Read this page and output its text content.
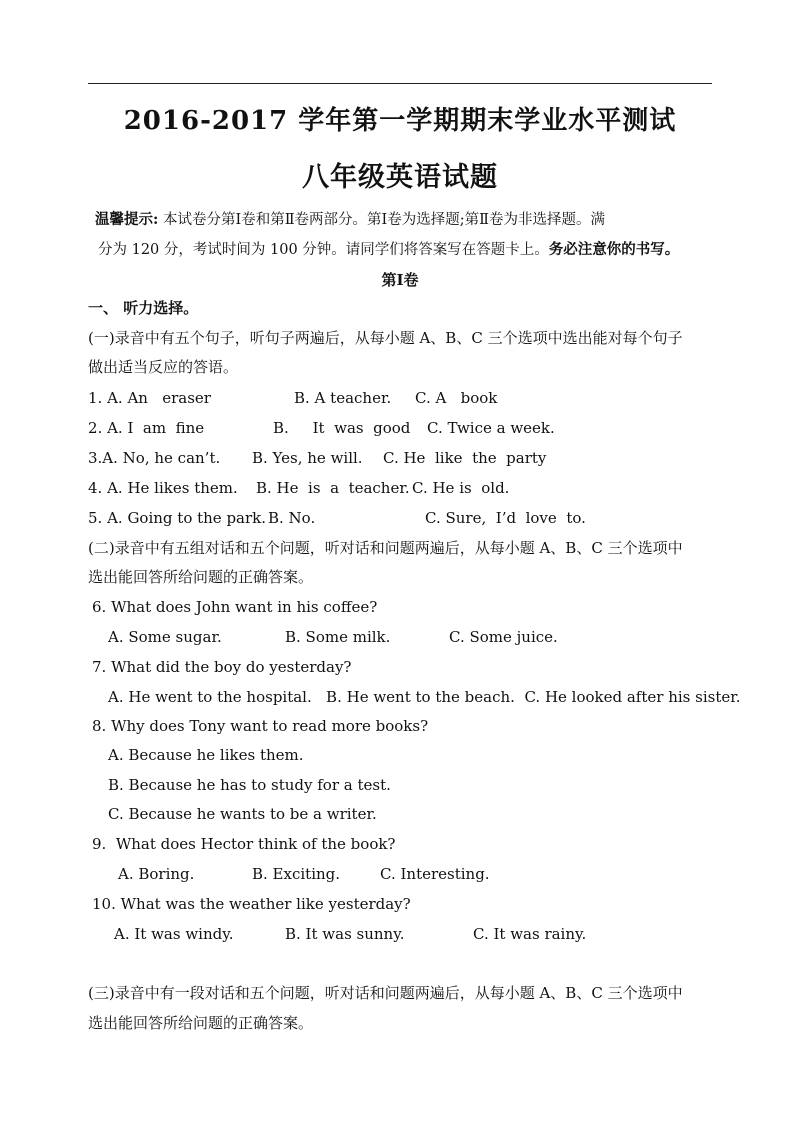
2016-2017 学年第一学期期末学业水平测试
八年级英语试题
温馨提示: 本试卷分第Ⅰ卷和第Ⅱ卷两部分。第Ⅰ卷为选择题;第Ⅱ卷为非选择题。满
分为 120 分，考试时间为 100 分钟。请同学们将答案写在答题卡上。务必注意你的书写。
第Ⅰ卷
一、 听力选择。
(一)录音中有五个句子，听句子两遍后，从每小题 A、B、C 三个选项中选出能对每个句子
做出适当反应的答语。
1. A. An   eraser	B. A teacher. C. A   book
2. A. I  am  fine	B.     It  was  good C. Twice a week.
3.A. No, he can’t. B. Yes, he will. C. He  like  the  party
4. A. He likes them. B. He  is  a  teacher. C. He is  old.
5. A. Going to the park. B. No.	C. Sure,  I’d  love  to.
(二)录音中有五组对话和五个问题，听对话和问题两遍后，从每小题 A、B、C 三个选项中
选出能回答所给问题的正确答案。
6. What does John want in his coffee?
A. Some sugar.	B. Some milk.	C. Some juice.
7. What did the boy do yesterday?
A. He went to the hospital.   B. He went to the beach.  C. He looked after his sister.
8. Why does Tony want to read more books?
A. Because he likes them.
B. Because he has to study for a test.
C. Because he wants to be a writer.
9.  What does Hector think of the book?
A. Boring.	B. Exciting.	C. Interesting.
10. What was the weather like yesterday?
A. It was windy.	B. It was sunny.	C. It was rainy.
(三)录音中有一段对话和五个问题，听对话和问题两遍后，从每小题 A、B、C 三个选项中
选出能回答所给问题的正确答案。
